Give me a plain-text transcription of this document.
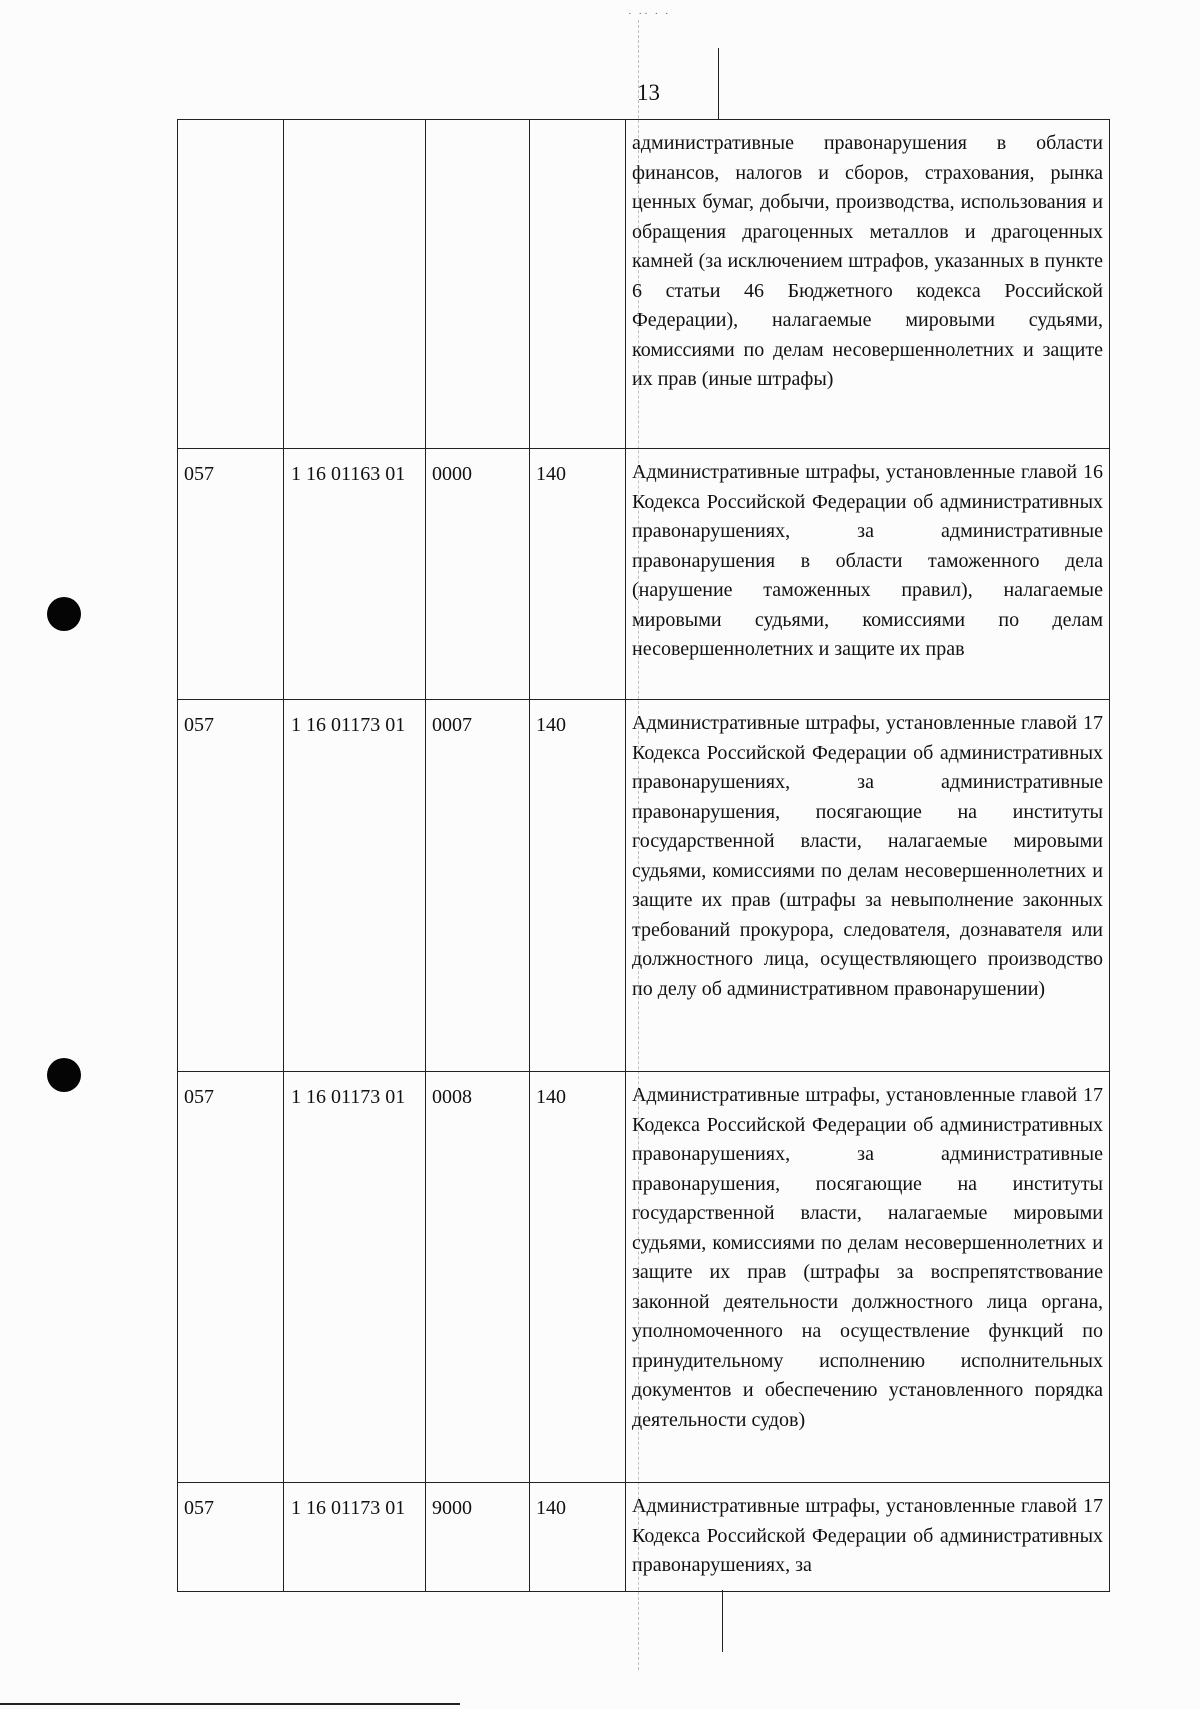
· ·· · ·
13

				административные правонарушения в области финансов, налогов и сборов, страхования, рынка ценных бумаг, добычи, производства, использования и обращения драгоценных металлов и драгоценных камней (за исключением штрафов, указанных в пункте 6 статьи 46 Бюджетного кодекса Российской Федерации), налагаемые мировыми судьями, комиссиями по делам несовершеннолетних и защите их прав (иные штрафы)

057	1 16 01163 01	0000	140	Административные штрафы, установленные главой 16 Кодекса Российской Федерации об административных правонарушениях, за административные правонарушения в области таможенного дела (нарушение таможенных правил), налагаемые мировыми судьями, комиссиями по делам несовершеннолетних и защите их прав

057	1 16 01173 01	0007	140	Административные штрафы, установленные главой 17 Кодекса Российской Федерации об административных правонарушениях, за административные правонарушения, посягающие на институты государственной власти, налагаемые мировыми судьями, комиссиями по делам несовершеннолетних и защите их прав (штрафы за невыполнение законных требований прокурора, следователя, дознавателя или должностного лица, осуществляющего производство по делу об административном правонарушении)

057	1 16 01173 01	0008	140	Административные штрафы, установленные главой 17 Кодекса Российской Федерации об административных правонарушениях, за административные правонарушения, посягающие на институты государственной власти, налагаемые мировыми судьями, комиссиями по делам несовершеннолетних и защите их прав (штрафы за воспрепятствование законной деятельности должностного лица органа, уполномоченного на осуществление функций по принудительному исполнению исполнительных документов и обеспечению установленного порядка деятельности судов)

057	1 16 01173 01	9000	140	Административные штрафы, установленные главой 17 Кодекса Российской Федерации об административных правонарушениях, за
